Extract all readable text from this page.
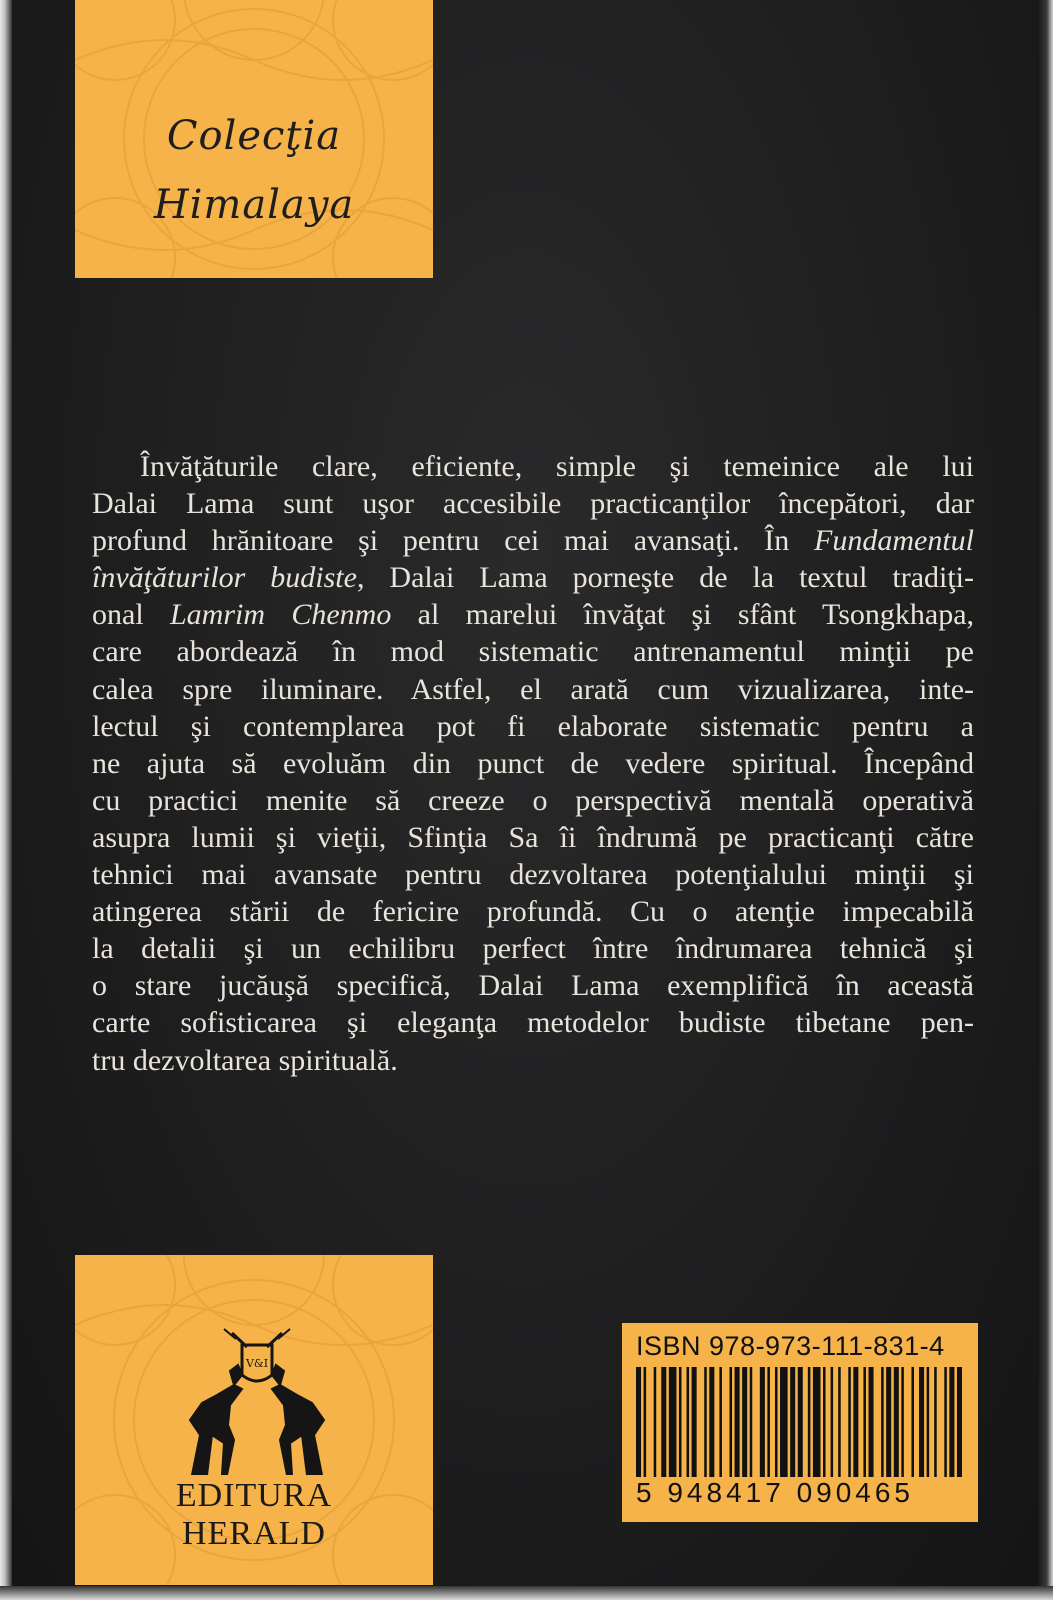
Colecţia
Himalaya
Învăţăturile clare, eficiente, simple şi temeinice ale lui
Dalai Lama sunt uşor accesibile practicanţilor începători, dar
profund hrănitoare şi pentru cei mai avansaţi. În Fundamentul
învăţăturilor budiste, Dalai Lama porneşte de la textul tradiţi-
onal Lamrim Chenmo al marelui învăţat şi sfânt Tsongkhapa,
care abordează în mod sistematic antrenamentul minţii pe
calea spre iluminare. Astfel, el arată cum vizualizarea, inte-
lectul şi contemplarea pot fi elaborate sistematic pentru a
ne ajuta să evoluăm din punct de vedere spiritual. Începând
cu practici menite să creeze o perspectivă mentală operativă
asupra lumii şi vieţii, Sfinţia Sa îi îndrumă pe practicanţi către
tehnici mai avansate pentru dezvoltarea potenţialului minţii şi
atingerea stării de fericire profundă. Cu o atenţie impecabilă
la detalii şi un echilibru perfect între îndrumarea tehnică şi
o stare jucăuşă specifică, Dalai Lama exemplifică în această
carte sofisticarea şi eleganţa metodelor budiste tibetane pen-
tru dezvoltarea spirituală.
V&I
EDITURA
HERALD
ISBN 978-973-111-831-4
5 948417 090465
